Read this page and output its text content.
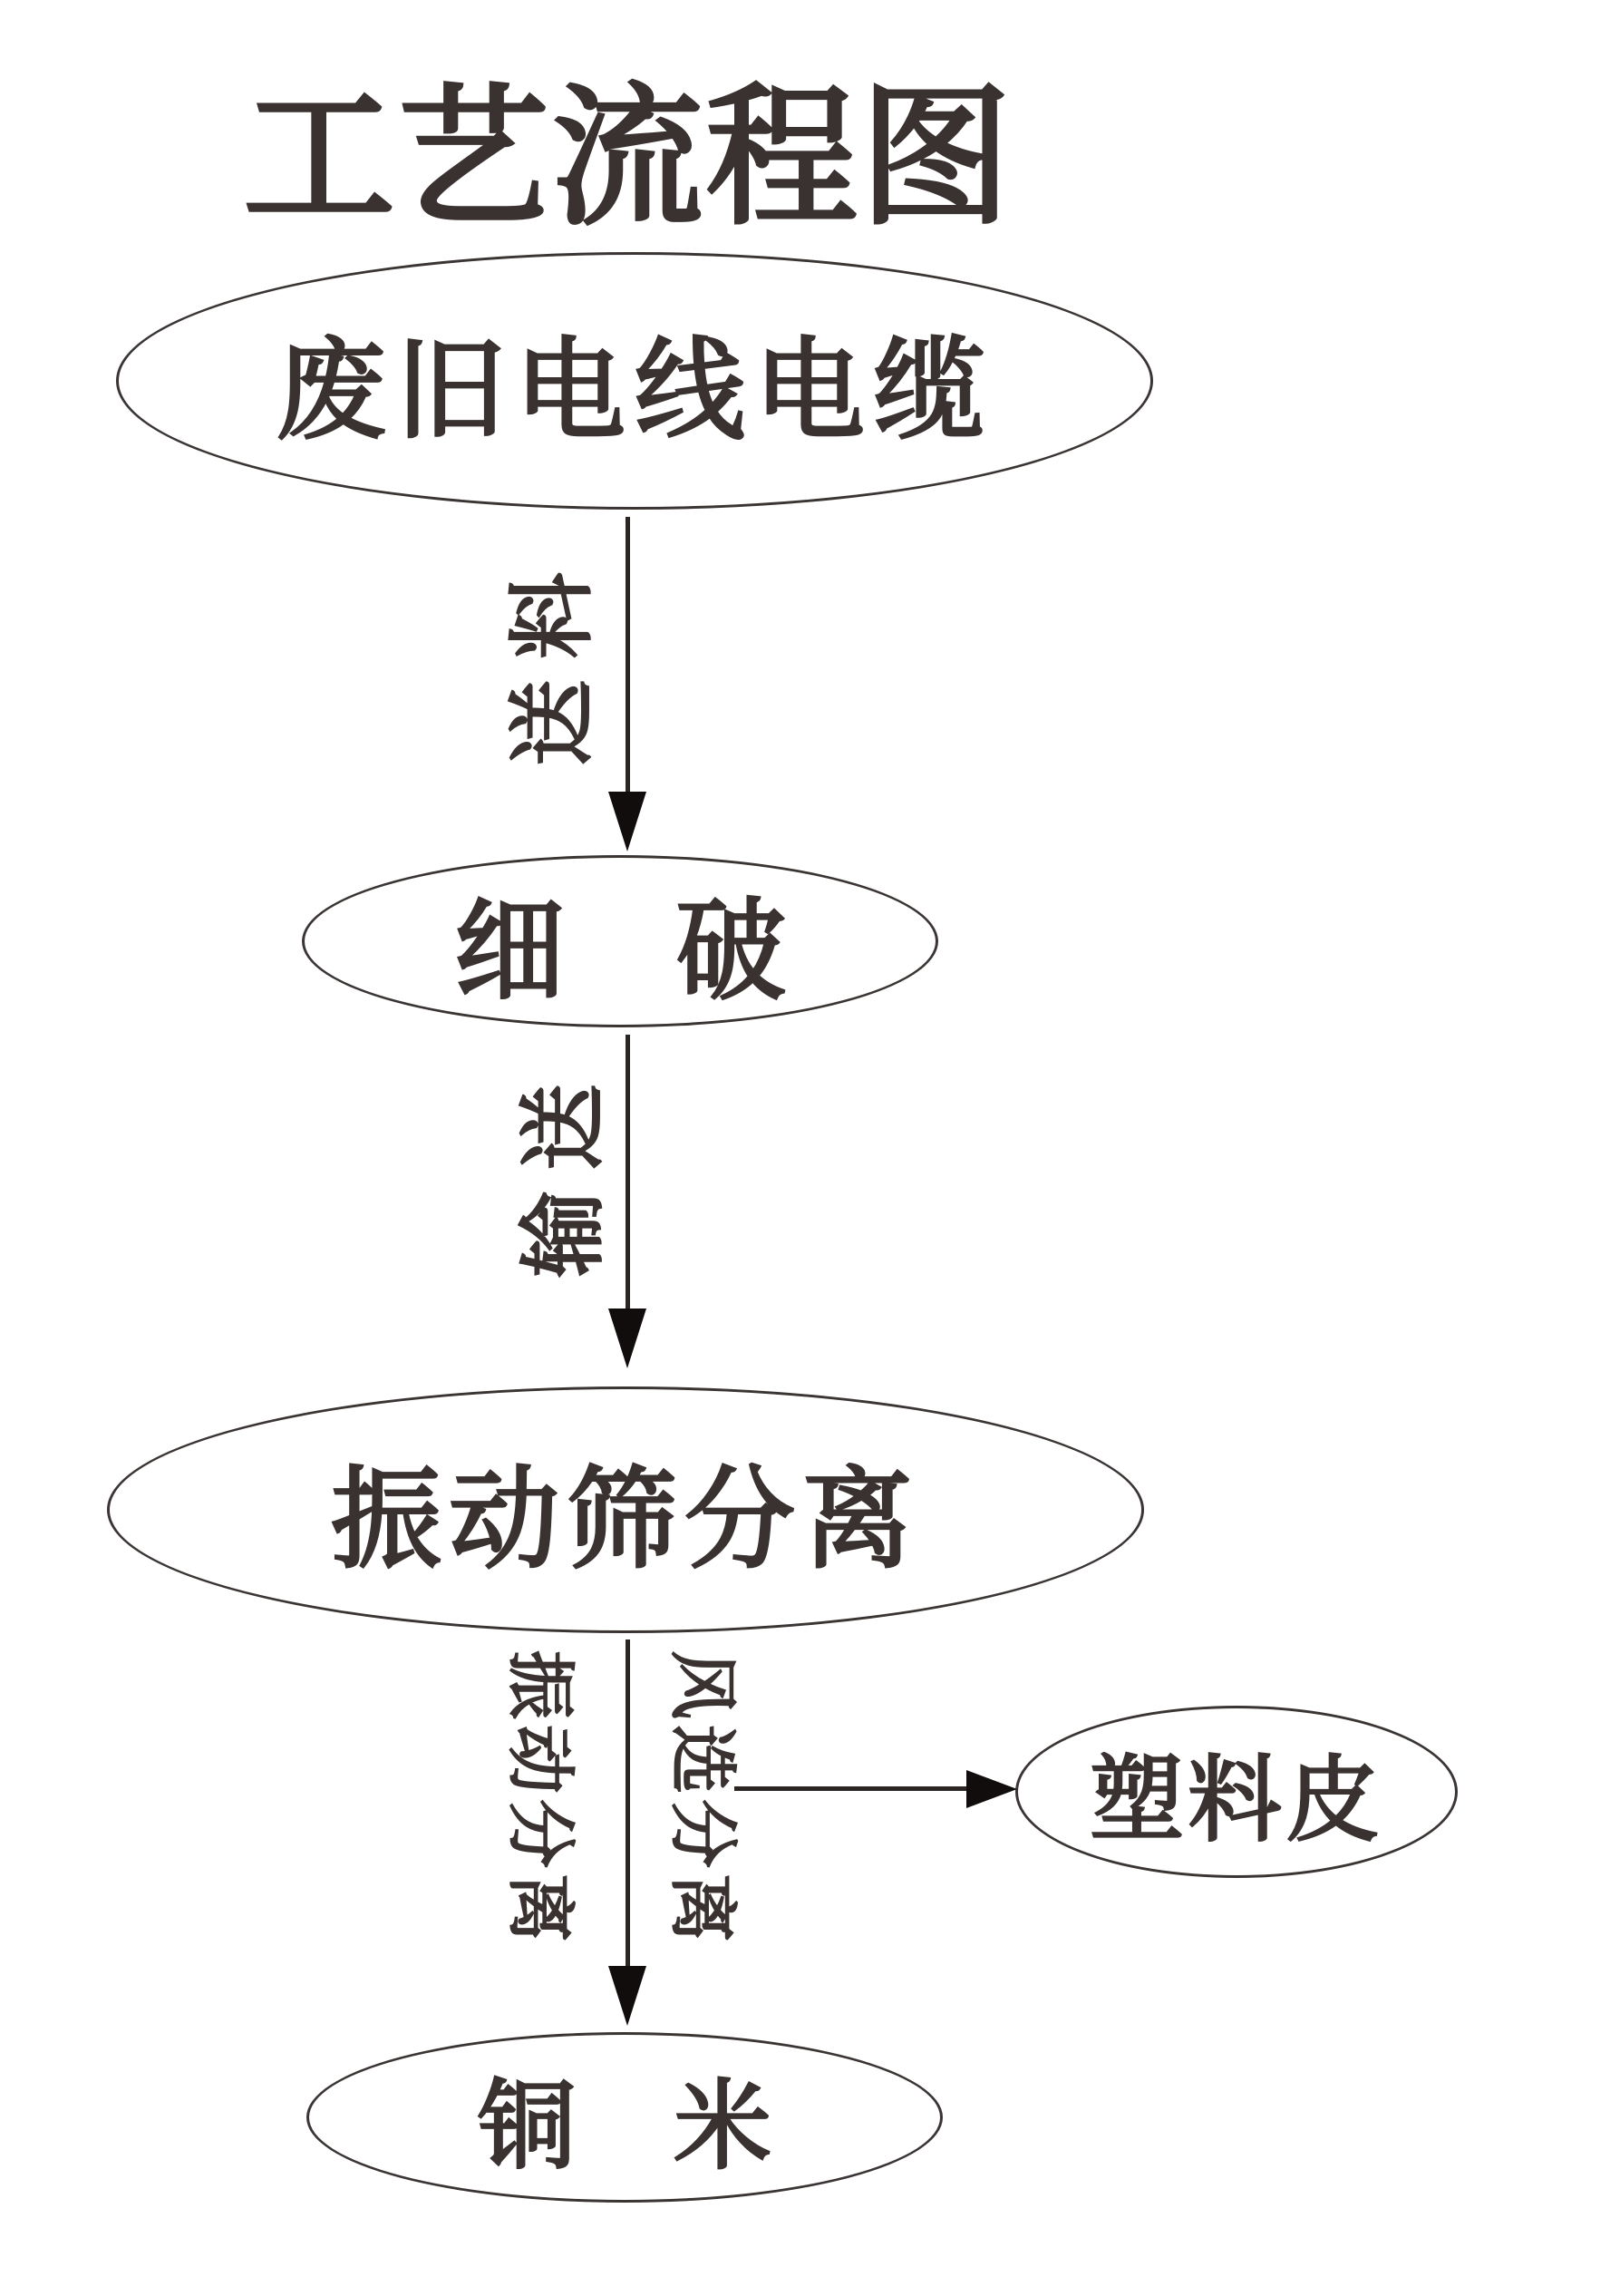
工艺流程图
废旧电线电缆
细　破
振动筛分离
塑料皮
铜　米
送料
输送
振动分离 风选分离
